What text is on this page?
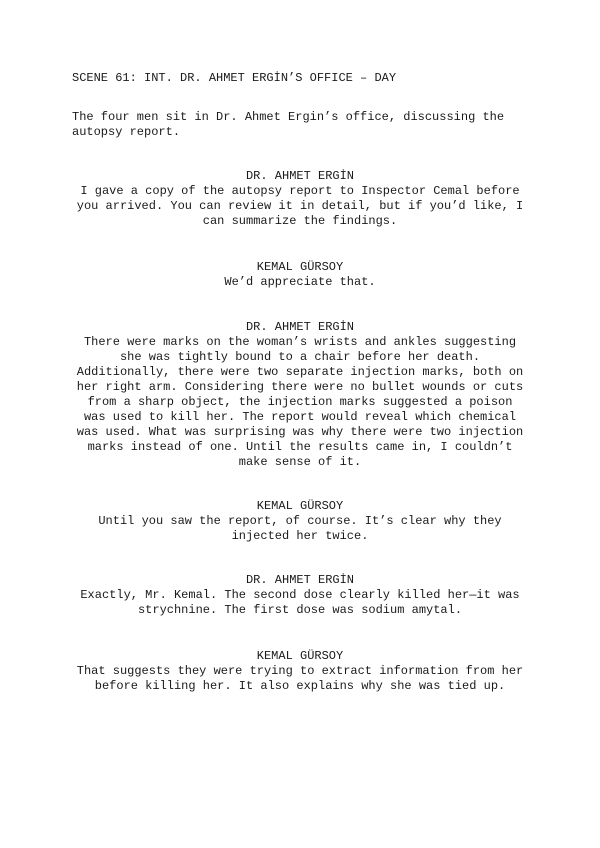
SCENE 61: INT. DR. AHMET ERGİN’S OFFICE – DAY
The four men sit in Dr. Ahmet Ergin’s office, discussing the
autopsy report.
DR. AHMET ERGİN
I gave a copy of the autopsy report to Inspector Cemal before
you arrived. You can review it in detail, but if you’d like, I
can summarize the findings.
KEMAL GÜRSOY
We’d appreciate that.
DR. AHMET ERGİN
There were marks on the woman’s wrists and ankles suggesting
she was tightly bound to a chair before her death.
Additionally, there were two separate injection marks, both on
her right arm. Considering there were no bullet wounds or cuts
from a sharp object, the injection marks suggested a poison
was used to kill her. The report would reveal which chemical
was used. What was surprising was why there were two injection
marks instead of one. Until the results came in, I couldn’t
make sense of it.
KEMAL GÜRSOY
Until you saw the report, of course. It’s clear why they
injected her twice.
DR. AHMET ERGİN
Exactly, Mr. Kemal. The second dose clearly killed her—it was
strychnine. The first dose was sodium amytal.
KEMAL GÜRSOY
That suggests they were trying to extract information from her
before killing her. It also explains why she was tied up.
